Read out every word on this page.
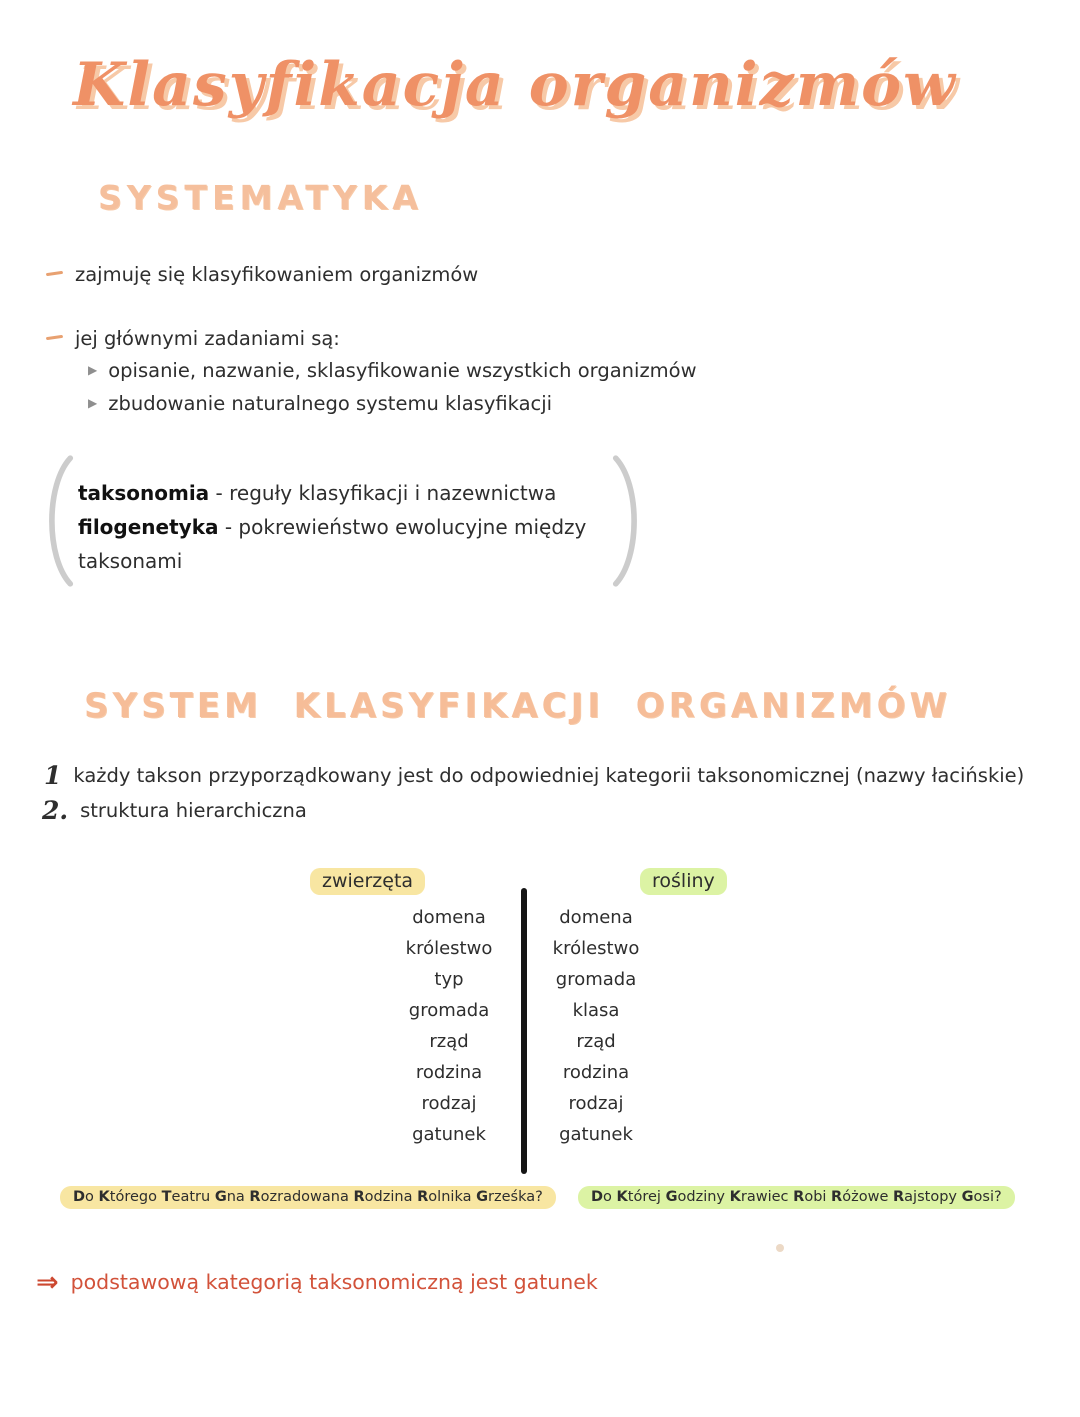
Klasyfikacja organizmów
SYSTEMATYKA
zajmuję się klasyfikowaniem organizmów
jej głównymi zadaniami są:
▶ opisanie, nazwanie, sklasyfikowanie wszystkich organizmów
▶ zbudowanie naturalnego systemu klasyfikacji
taksonomia - reguły klasyfikacji i nazewnictwa
filogenetyka - pokrewieństwo ewolucyjne między taksonami
SYSTEM KLASYFIKACJI ORGANIZMÓW
1 każdy takson przyporządkowany jest do odpowiedniej kategorii taksonomicznej (nazwy łacińskie)
2. struktura hierarchiczna
zwierzęta	rośliny
domena
królestwo
typ
gromada
rząd
rodzina
rodzaj
gatunek
domena
królestwo
gromada
klasa
rząd
rodzina
rodzaj
gatunek
Do Którego Teatru Gna Rozradowana Rodzina Rolnika Grześka?	Do Której Godziny Krawiec Robi Różowe Rajstopy Gosi?
⇒ podstawową kategorią taksonomiczną jest gatunek
